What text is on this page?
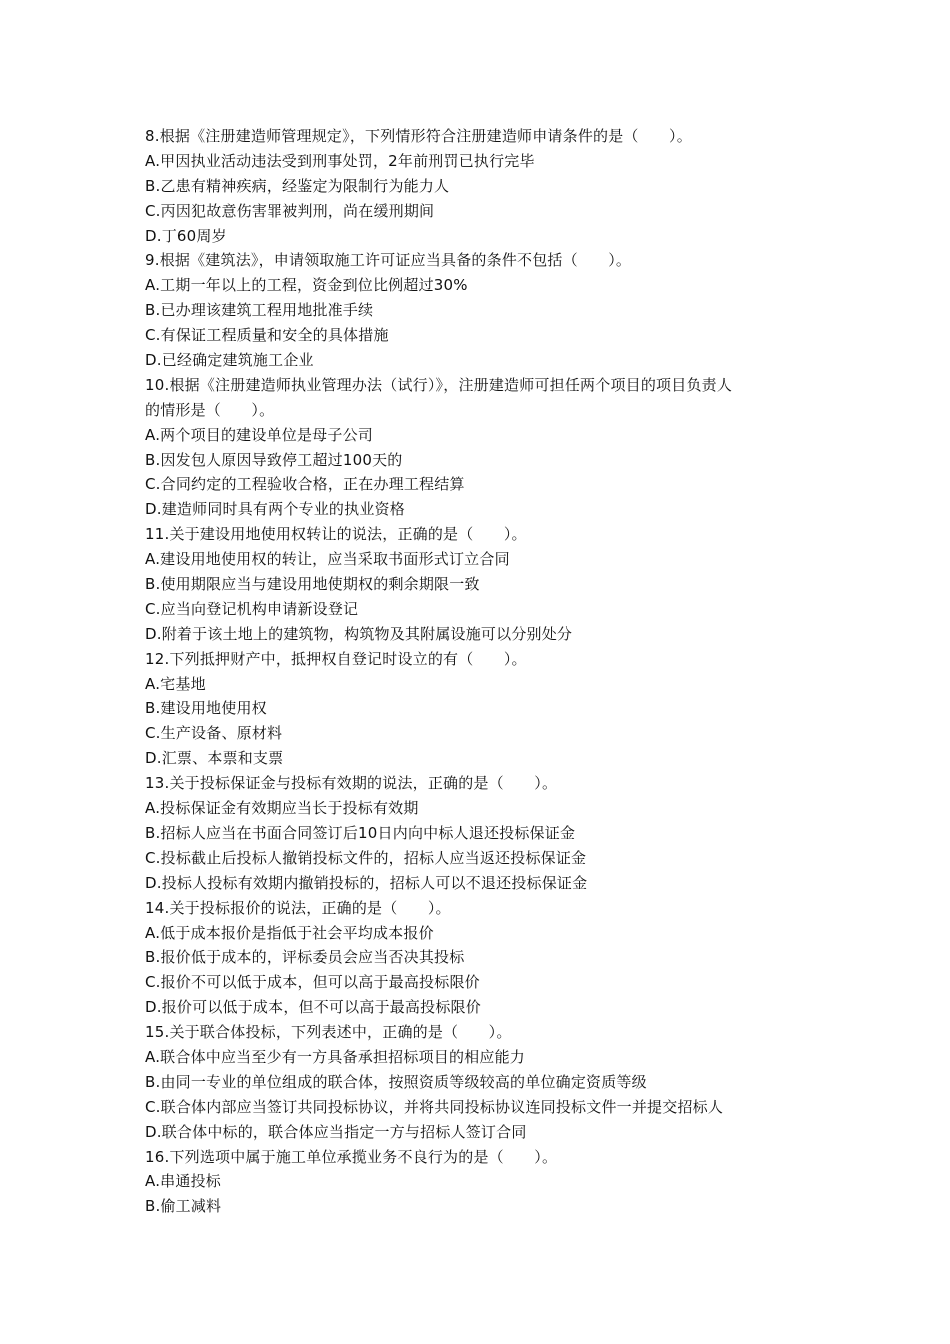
8.根据《注册建造师管理规定》，下列情形符合注册建造师申请条件的是（　　）。
A.甲因执业活动违法受到刑事处罚，2年前刑罚已执行完毕
B.乙患有精神疾病，经鉴定为限制行为能力人
C.丙因犯故意伤害罪被判刑，尚在缓刑期间
D.丁60周岁
9.根据《建筑法》，申请领取施工许可证应当具备的条件不包括（　　）。
A.工期一年以上的工程，资金到位比例超过30%
B.已办理该建筑工程用地批准手续
C.有保证工程质量和安全的具体措施
D.已经确定建筑施工企业
10.根据《注册建造师执业管理办法（试行）》，注册建造师可担任两个项目的项目负责人
的情形是（　　）。
A.两个项目的建设单位是母子公司
B.因发包人原因导致停工超过100天的
C.合同约定的工程验收合格，正在办理工程结算
D.建造师同时具有两个专业的执业资格
11.关于建设用地使用权转让的说法，正确的是（　　）。
A.建设用地使用权的转让，应当采取书面形式订立合同
B.使用期限应当与建设用地使期权的剩余期限一致
C.应当向登记机构申请新设登记
D.附着于该土地上的建筑物，构筑物及其附属设施可以分别处分
12.下列抵押财产中，抵押权自登记时设立的有（　　）。
A.宅基地
B.建设用地使用权
C.生产设备、原材料
D.汇票、本票和支票
13.关于投标保证金与投标有效期的说法，正确的是（　　）。
A.投标保证金有效期应当长于投标有效期
B.招标人应当在书面合同签订后10日内向中标人退还投标保证金
C.投标截止后投标人撤销投标文件的，招标人应当返还投标保证金
D.投标人投标有效期内撤销投标的，招标人可以不退还投标保证金
14.关于投标报价的说法，正确的是（　　）。
A.低于成本报价是指低于社会平均成本报价
B.报价低于成本的，评标委员会应当否决其投标
C.报价不可以低于成本，但可以高于最高投标限价
D.报价可以低于成本，但不可以高于最高投标限价
15.关于联合体投标，下列表述中，正确的是（　　）。
A.联合体中应当至少有一方具备承担招标项目的相应能力
B.由同一专业的单位组成的联合体，按照资质等级较高的单位确定资质等级
C.联合体内部应当签订共同投标协议，并将共同投标协议连同投标文件一并提交招标人
D.联合体中标的，联合体应当指定一方与招标人签订合同
16.下列选项中属于施工单位承揽业务不良行为的是（　　）。
A.串通投标
B.偷工减料
